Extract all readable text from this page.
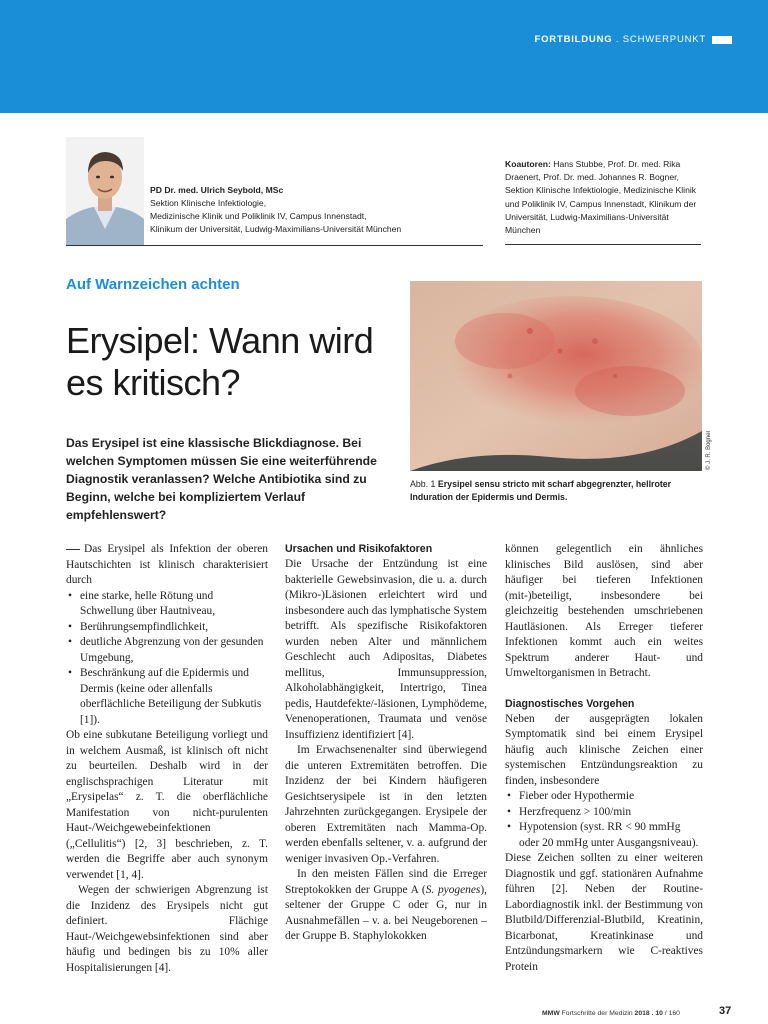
FORTBILDUNG . SCHWERPUNKT
PD Dr. med. Ulrich Seybold, MSc
Sektion Klinische Infektiologie,
Medizinische Klinik und Poliklinik IV, Campus Innenstadt,
Klinikum der Universität, Ludwig-Maximilians-Universität München
Koautoren: Hans Stubbe, Prof. Dr. med. Rika Draenert, Prof. Dr. med. Johannes R. Bogner, Sektion Klinische Infektiologie, Medizinische Klinik und Poliklinik IV, Campus Innenstadt, Klinikum der Universität, Ludwig-Maximilians-Universität München
Auf Warnzeichen achten
Erysipel: Wann wird es kritisch?
Das Erysipel ist eine klassische Blickdiagnose. Bei welchen Symptomen müssen Sie eine weiterführende Diagnostik veranlassen? Welche Antibiotika sind zu Beginn, welche bei kompliziertem Verlauf empfehlenswert?
© J. R. Bogner
Abb. 1 Erysipel sensu stricto mit scharf abgegrenzter, hellroter Induration der Epidermis und Dermis.

Das Erysipel als Infektion der oberen Hautschichten ist klinisch charakterisiert durch

• eine starke, helle Rötung und Schwellung über Hautniveau,
• Berührungsempfindlichkeit,
• deutliche Abgrenzung von der gesunden Umgebung,
• Beschränkung auf die Epidermis und Dermis (keine oder allenfalls oberflächliche Beteiligung der Subkutis [1]).

Ob eine subkutane Beteiligung vorliegt und in welchem Ausmaß, ist klinisch oft nicht zu beurteilen. Deshalb wird in der englischsprachigen Literatur mit „Erysipelas“ z. T. die oberflächliche Manifestation von nicht-purulenten Haut-/Weichgewebeinfektionen („Cellulitis“) [2, 3] beschrieben, z. T. werden die Begriffe aber auch synonym verwendet [1, 4].

Wegen der schwierigen Abgrenzung ist die Inzidenz des Erysipels nicht gut definiert. Flächige Haut-/Weichgewebsinfektionen sind aber häufig und bedingen bis zu 10% aller Hospitalisierungen [4].

Ursachen und Risikofaktoren

Die Ursache der Entzündung ist eine bakterielle Gewebsinvasion, die u. a. durch (Mikro-)Läsionen erleichtert wird und insbesondere auch das lymphatische System betrifft. Als spezifische Risikofaktoren wurden neben Alter und männlichem Geschlecht auch Adipositas, Diabetes mellitus, Immunsuppression, Alkoholabhängigkeit, Intertrigo, Tinea pedis, Hautdefekte/-läsionen, Lymphödeme, Venenoperationen, Traumata und venöse Insuffizienz identifiziert [4].

Im Erwachsenenalter sind überwiegend die unteren Extremitäten betroffen. Die Inzidenz der bei Kindern häufigeren Gesichtserysipele ist in den letzten Jahrzehnten zurückgegangen. Erysipele der oberen Extremitäten nach Mamma-Op. werden ebenfalls seltener, v. a. aufgrund der weniger invasiven Op.-Verfahren.

In den meisten Fällen sind die Erreger Streptokokken der Gruppe A (S. pyogenes), seltener der Gruppe C oder G, nur in Ausnahmefällen – v. a. bei Neugeborenen – der Gruppe B. Staphylokokken

können gelegentlich ein ähnliches klinisches Bild auslösen, sind aber häufiger bei tieferen Infektionen (mit-)beteiligt, insbesondere bei gleichzeitig bestehenden umschriebenen Hautläsionen. Als Erreger tieferer Infektionen kommt auch ein weites Spektrum anderer Haut- und Umweltorganismen in Betracht.

Diagnostisches Vorgehen

Neben der ausgeprägten lokalen Symptomatik sind bei einem Erysipel häufig auch klinische Zeichen einer systemischen Entzündungsreaktion zu finden, insbesondere

• Fieber oder Hypothermie
• Herzfrequenz > 100/min
• Hypotension (syst. RR < 90 mmHg oder 20 mmHg unter Ausgangsniveau).

Diese Zeichen sollten zu einer weiteren Diagnostik und ggf. stationären Aufnahme führen [2]. Neben der Routine-Labordiagnostik inkl. der Bestimmung von Blutbild/Differenzial-Blutbild, Kreatinin, Bicarbonat, Kreatinkinase und Entzündungsmarkern wie C-reaktives Protein

MMW Fortschritte der Medizin 2018 . 10 / 160	37
